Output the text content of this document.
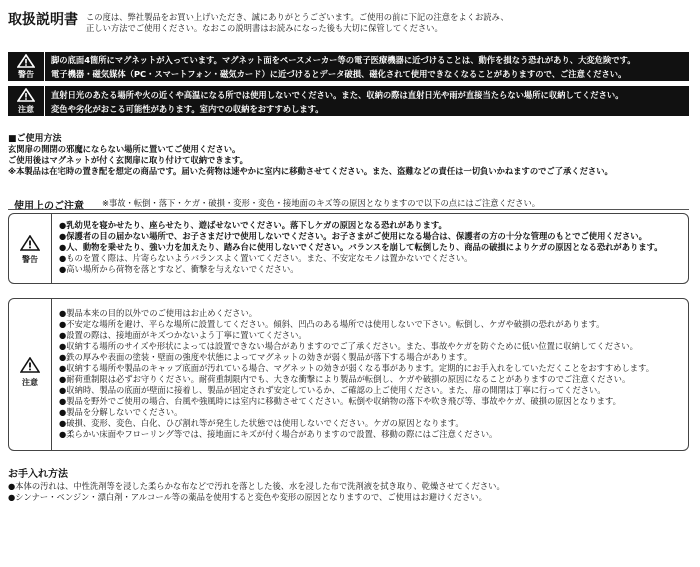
取扱説明書 この度は、弊社製品をお買い上げいただき、誠にありがとうございます。ご使用の前に下記の注意をよくお読み、
正しい方法でご使用ください。なおこの説明書はお読みになった後も大切に保管してください。
警告
脚の底面4箇所にマグネットが入っています。マグネット面をペースメーカー等の電子医療機器に近づけることは、動作を損なう恐れがあり、大変危険です。
電子機器・磁気媒体（PC・スマートフォン・磁気カード）に近づけるとデータ破損、磁化されて使用できなくなることがありますので、ご注意ください。
注意
直射日光のあたる場所や火の近くや高温になる所では使用しないでください。また、収納の際は直射日光や雨が直接当たらない場所に収納してください。
変色や劣化がおこる可能性があります。室内での収納をおすすめします。
■ご使用方法
玄関扉の開閉の邪魔にならない場所に置いてご使用ください。
ご使用後はマグネットが付く玄関扉に取り付けて収納できます。
※本製品は在宅時の置き配を想定の商品です。届いた荷物は速やかに室内に移動させてください。また、盗難などの責任は一切負いかねますのでご了承ください。
使用上のご注意 ※事故・転倒・落下・ケガ・破損・変形・変色・接地面のキズ等の原因となりますので以下の点にはご注意ください。
警告
●乳幼児を寝かせたり、座らせたり、遊ばせないでください。落下しケガの原因となる恐れがあります。
●保護者の目の届かない場所で、お子さまだけで使用しないでください。お子さまがご使用になる場合は、保護者の方の十分な管理のもとでご使用ください。
●人、動物を乗せたり、強い力を加えたり、踏み台に使用しないでください。バランスを崩して転倒したり、商品の破損によりケガの原因となる恐れがあります。
●ものを置く際は、片寄らないようバランスよく置いてください。また、不安定なモノは置かないでください。
●高い場所から荷物を落とすなど、衝撃を与えないでください。
注意
●製品本来の目的以外でのご使用はお止めください。
●不安定な場所を避け、平らな場所に設置してください。傾斜、凹凸のある場所では使用しないで下さい。転倒し、ケガや破損の恐れがあります。
●設置の際は、接地面がキズつかないよう丁寧に置いてください。
●収納する場所のサイズや形状によっては設置できない場合がありますのでご了承ください。また、事故やケガを防ぐために低い位置に収納してください。
●鉄の厚みや表面の塗装・壁面の強度や状態によってマグネットの効きが弱く製品が落下する場合があります。
●収納する場所や製品のキャップ底面が汚れている場合、マグネットの効きが弱くなる事があります。定期的にお手入れをしていただくことをおすすめします。
●耐荷重制限は必ずお守りください。耐荷重制限内でも、大きな衝撃により製品が転倒し、ケガや破損の原因になることがありますのでご注意ください。
●収納時、製品の底面が壁面に接着し、製品が固定されず安定しているか、ご確認の上ご使用ください。また、扉の開閉は丁寧に行ってください。
●製品を野外でご使用の場合、台風や強風時には室内に移動させてください。転倒や収納物の落下や吹き飛び等、事故やケガ、破損の原因となります。
●製品を分解しないでください。
●破損、変形、変色、白化、ひび割れ等が発生した状態では使用しないでください。ケガの原因となります。
●柔らかい床面やフローリング等では、接地面にキズが付く場合がありますので設置、移動の際にはご注意ください。
お手入れ方法
●本体の汚れは、中性洗剤等を浸した柔らかな布などで汚れを落とした後、水を浸した布で洗剤液を拭き取り、乾燥させてください。
●シンナー・ベンジン・漂白剤・アルコール等の薬品を使用すると変色や変形の原因となりますので、ご使用はお避けください。
